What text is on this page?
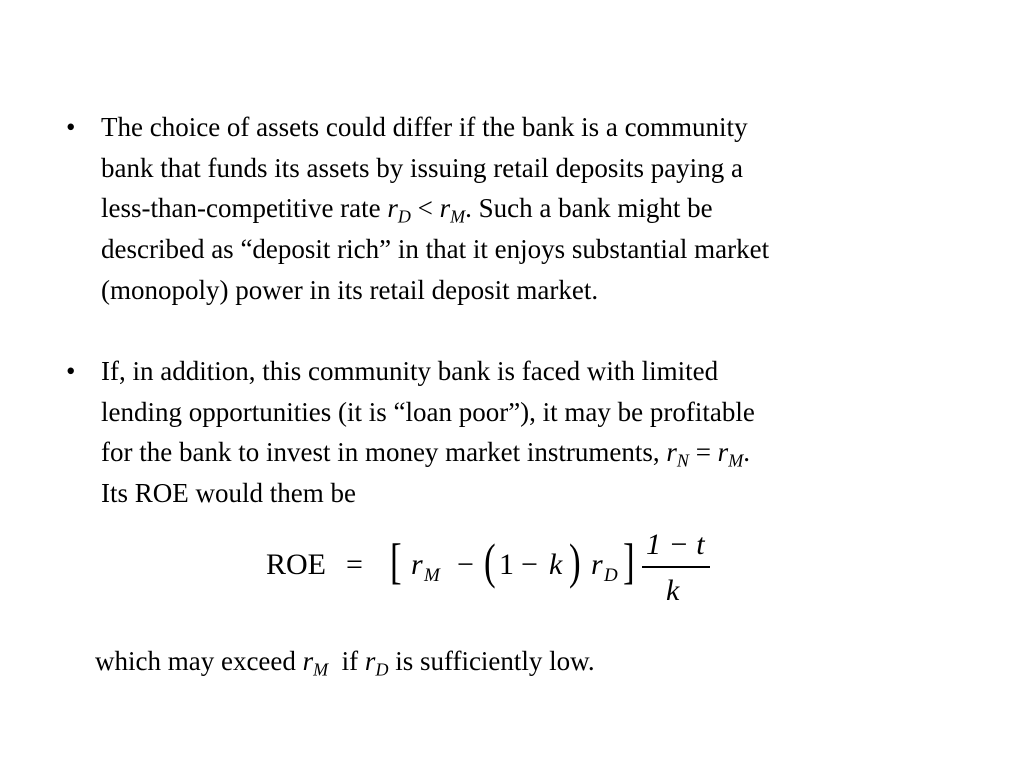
• The choice of assets could differ if the bank is a community
bank that funds its assets by issuing retail deposits paying a
less-than-competitive rate $r_D < r_M$. Such a bank might be
described as “deposit rich” in that it enjoys substantial market
(monopoly) power in its retail deposit market.
• If, in addition, this community bank is faced with limited
lending opportunities (it is “loan poor”), it may be profitable
for the bank to invest in money market instruments, $r_N = r_M$.
Its ROE would them be
ROE = [ r M − ( 1 − k ) r D ] 1 − t
k
which may exceed $r_M$  if $r_D$ is sufficiently low.
